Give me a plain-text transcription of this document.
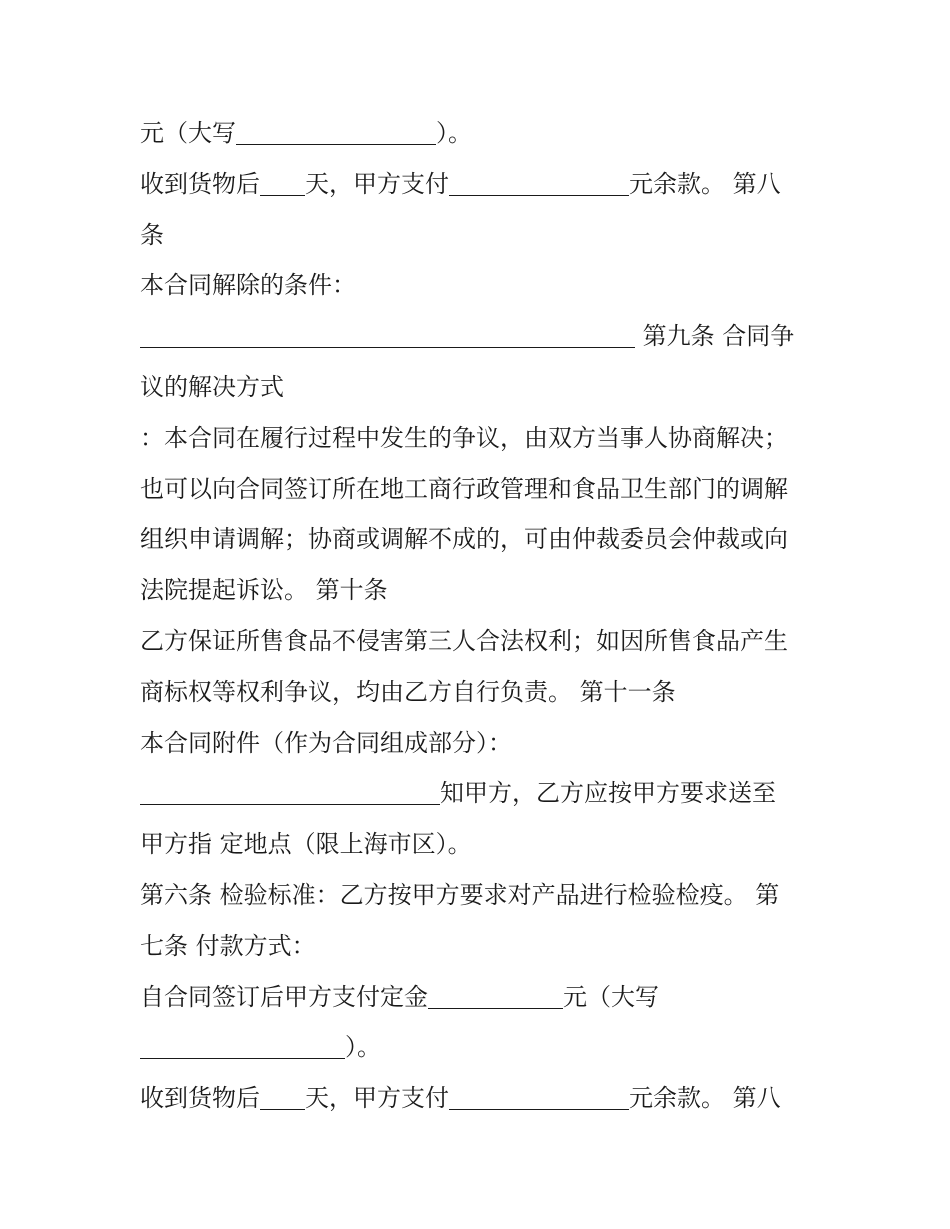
元（大写	）。
收到货物后 天，甲方支付	元余款。 第八
条
本合同解除的条件：
第九条 合同争
议的解决方式
：本合同在履行过程中发生的争议，由双方当事人协商解决；
也可以向合同签订所在地工商行政管理和食品卫生部门的调解
组织申请调解；协商或调解不成的，可由仲裁委员会仲裁或向
法院提起诉讼。 第十条
乙方保证所售食品不侵害第三人合法权利；如因所售食品产生
商标权等权利争议，均由乙方自行负责。 第十一条
本合同附件（作为合同组成部分）：
知甲方，乙方应按甲方要求送至
甲方指 定地点（限上海市区）。
第六条 检验标准：乙方按甲方要求对产品进行检验检疫。 第
七条 付款方式：
自合同签订后甲方支付定金	元（大写
）。
收到货物后 天，甲方支付	元余款。 第八
